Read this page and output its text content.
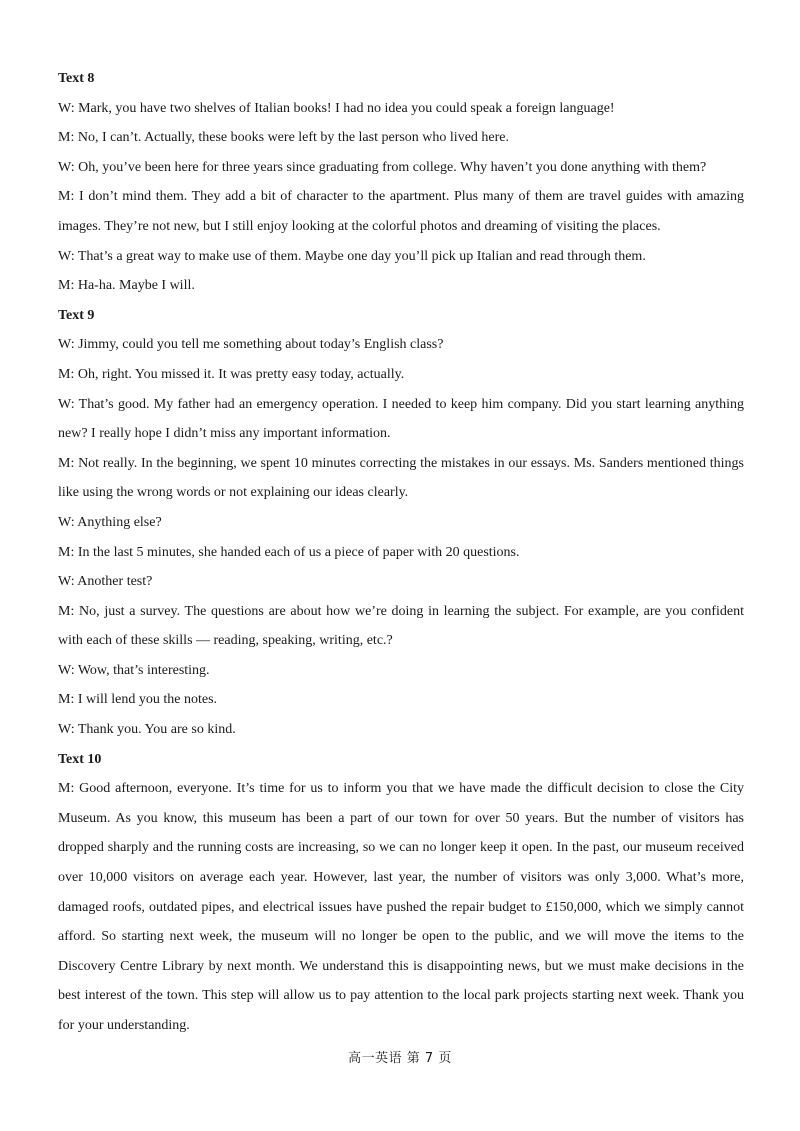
Text 8

W: Mark, you have two shelves of Italian books! I had no idea you could speak a foreign language!

M: No, I can’t. Actually, these books were left by the last person who lived here.

W: Oh, you’ve been here for three years since graduating from college. Why haven’t you done anything with them?

M: I don’t mind them. They add a bit of character to the apartment. Plus many of them are travel guides with amazing images. They’re not new, but I still enjoy looking at the colorful photos and dreaming of visiting the places.

W: That’s a great way to make use of them. Maybe one day you’ll pick up Italian and read through them.

M: Ha-ha. Maybe I will.

Text 9

W: Jimmy, could you tell me something about today’s English class?

M: Oh, right. You missed it. It was pretty easy today, actually.

W: That’s good. My father had an emergency operation. I needed to keep him company. Did you start learning anything new? I really hope I didn’t miss any important information.

M: Not really. In the beginning, we spent 10 minutes correcting the mistakes in our essays. Ms. Sanders mentioned things like using the wrong words or not explaining our ideas clearly.

W: Anything else?

M: In the last 5 minutes, she handed each of us a piece of paper with 20 questions.

W: Another test?

M: No, just a survey. The questions are about how we’re doing in learning the subject. For example, are you confident with each of these skills — reading, speaking, writing, etc.?

W: Wow, that’s interesting.

M: I will lend you the notes.

W: Thank you. You are so kind.

Text 10

M: Good afternoon, everyone. It’s time for us to inform you that we have made the difficult decision to close the City Museum. As you know, this museum has been a part of our town for over 50 years. But the number of visitors has dropped sharply and the running costs are increasing, so we can no longer keep it open. In the past, our museum received over 10,000 visitors on average each year. However, last year, the number of visitors was only 3,000. What’s more, damaged roofs, outdated pipes, and electrical issues have pushed the repair budget to £150,000, which we simply cannot afford. So starting next week, the museum will no longer be open to the public, and we will move the items to the Discovery Centre Library by next month. We understand this is disappointing news, but we must make decisions in the best interest of the town. This step will allow us to pay attention to the local park projects starting next week. Thank you for your understanding.

高一英语 第 7 页
